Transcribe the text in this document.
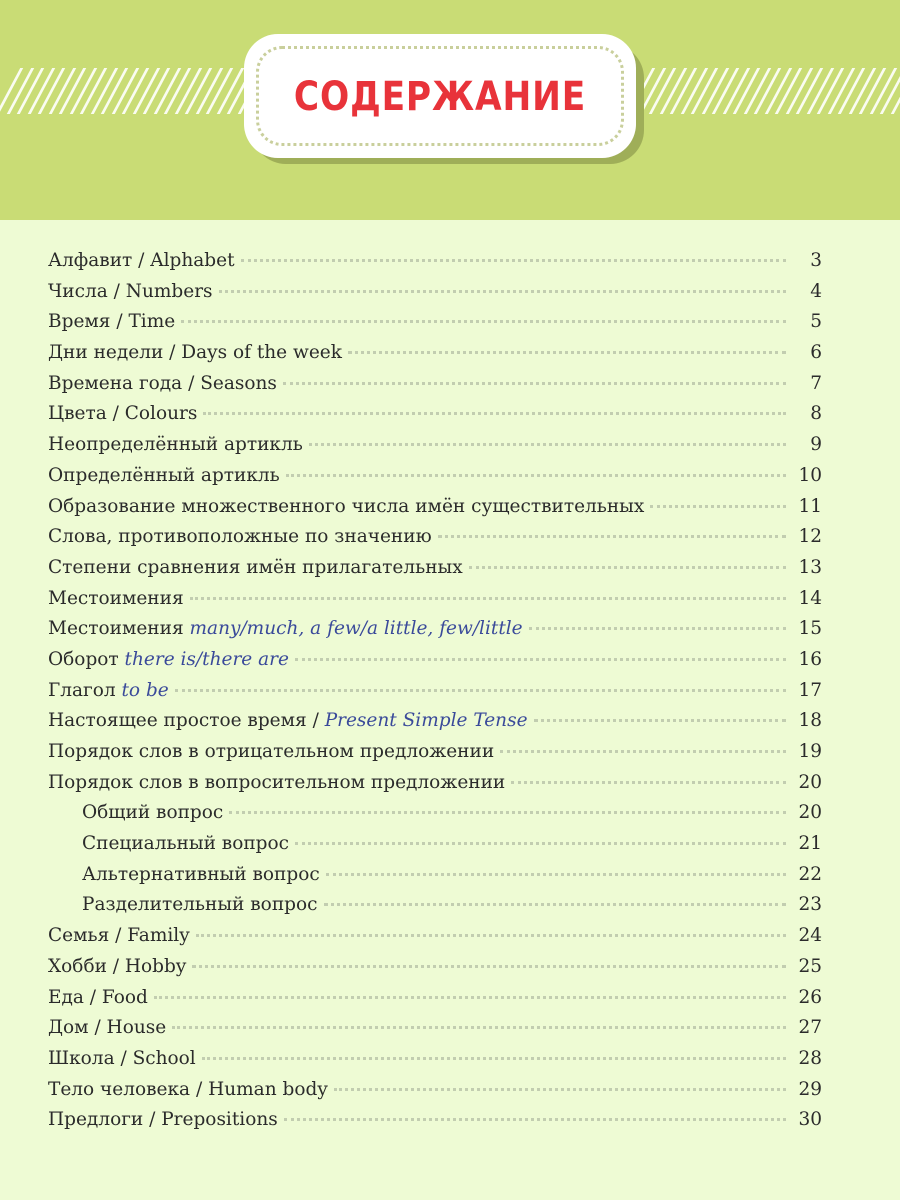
СОДЕРЖАНИЕ
Алфавит / Alphabet	3
Числа / Numbers	4
Время / Time	5
Дни недели / Days of the week	6
Времена года / Seasons	7
Цвета / Colours	8
Неопределённый артикль	9
Определённый артикль	10
Образование множественного числа имён существительных	11
Слова, противоположные по значению	12
Степени сравнения имён прилагательных	13
Местоимения	14
Местоимения many/much, a few/a little, few/little	15
Оборот there is/there are	16
Глагол to be	17
Настоящее простое время / Present Simple Tense	18
Порядок слов в отрицательном предложении	19
Порядок слов в вопросительном предложении	20
Общий вопрос	20
Специальный вопрос	21
Альтернативный вопрос	22
Разделительный вопрос	23
Семья / Family	24
Хобби / Hobby	25
Еда / Food	26
Дом / House	27
Школа / School	28
Тело человека / Human body	29
Предлоги / Prepositions	30
